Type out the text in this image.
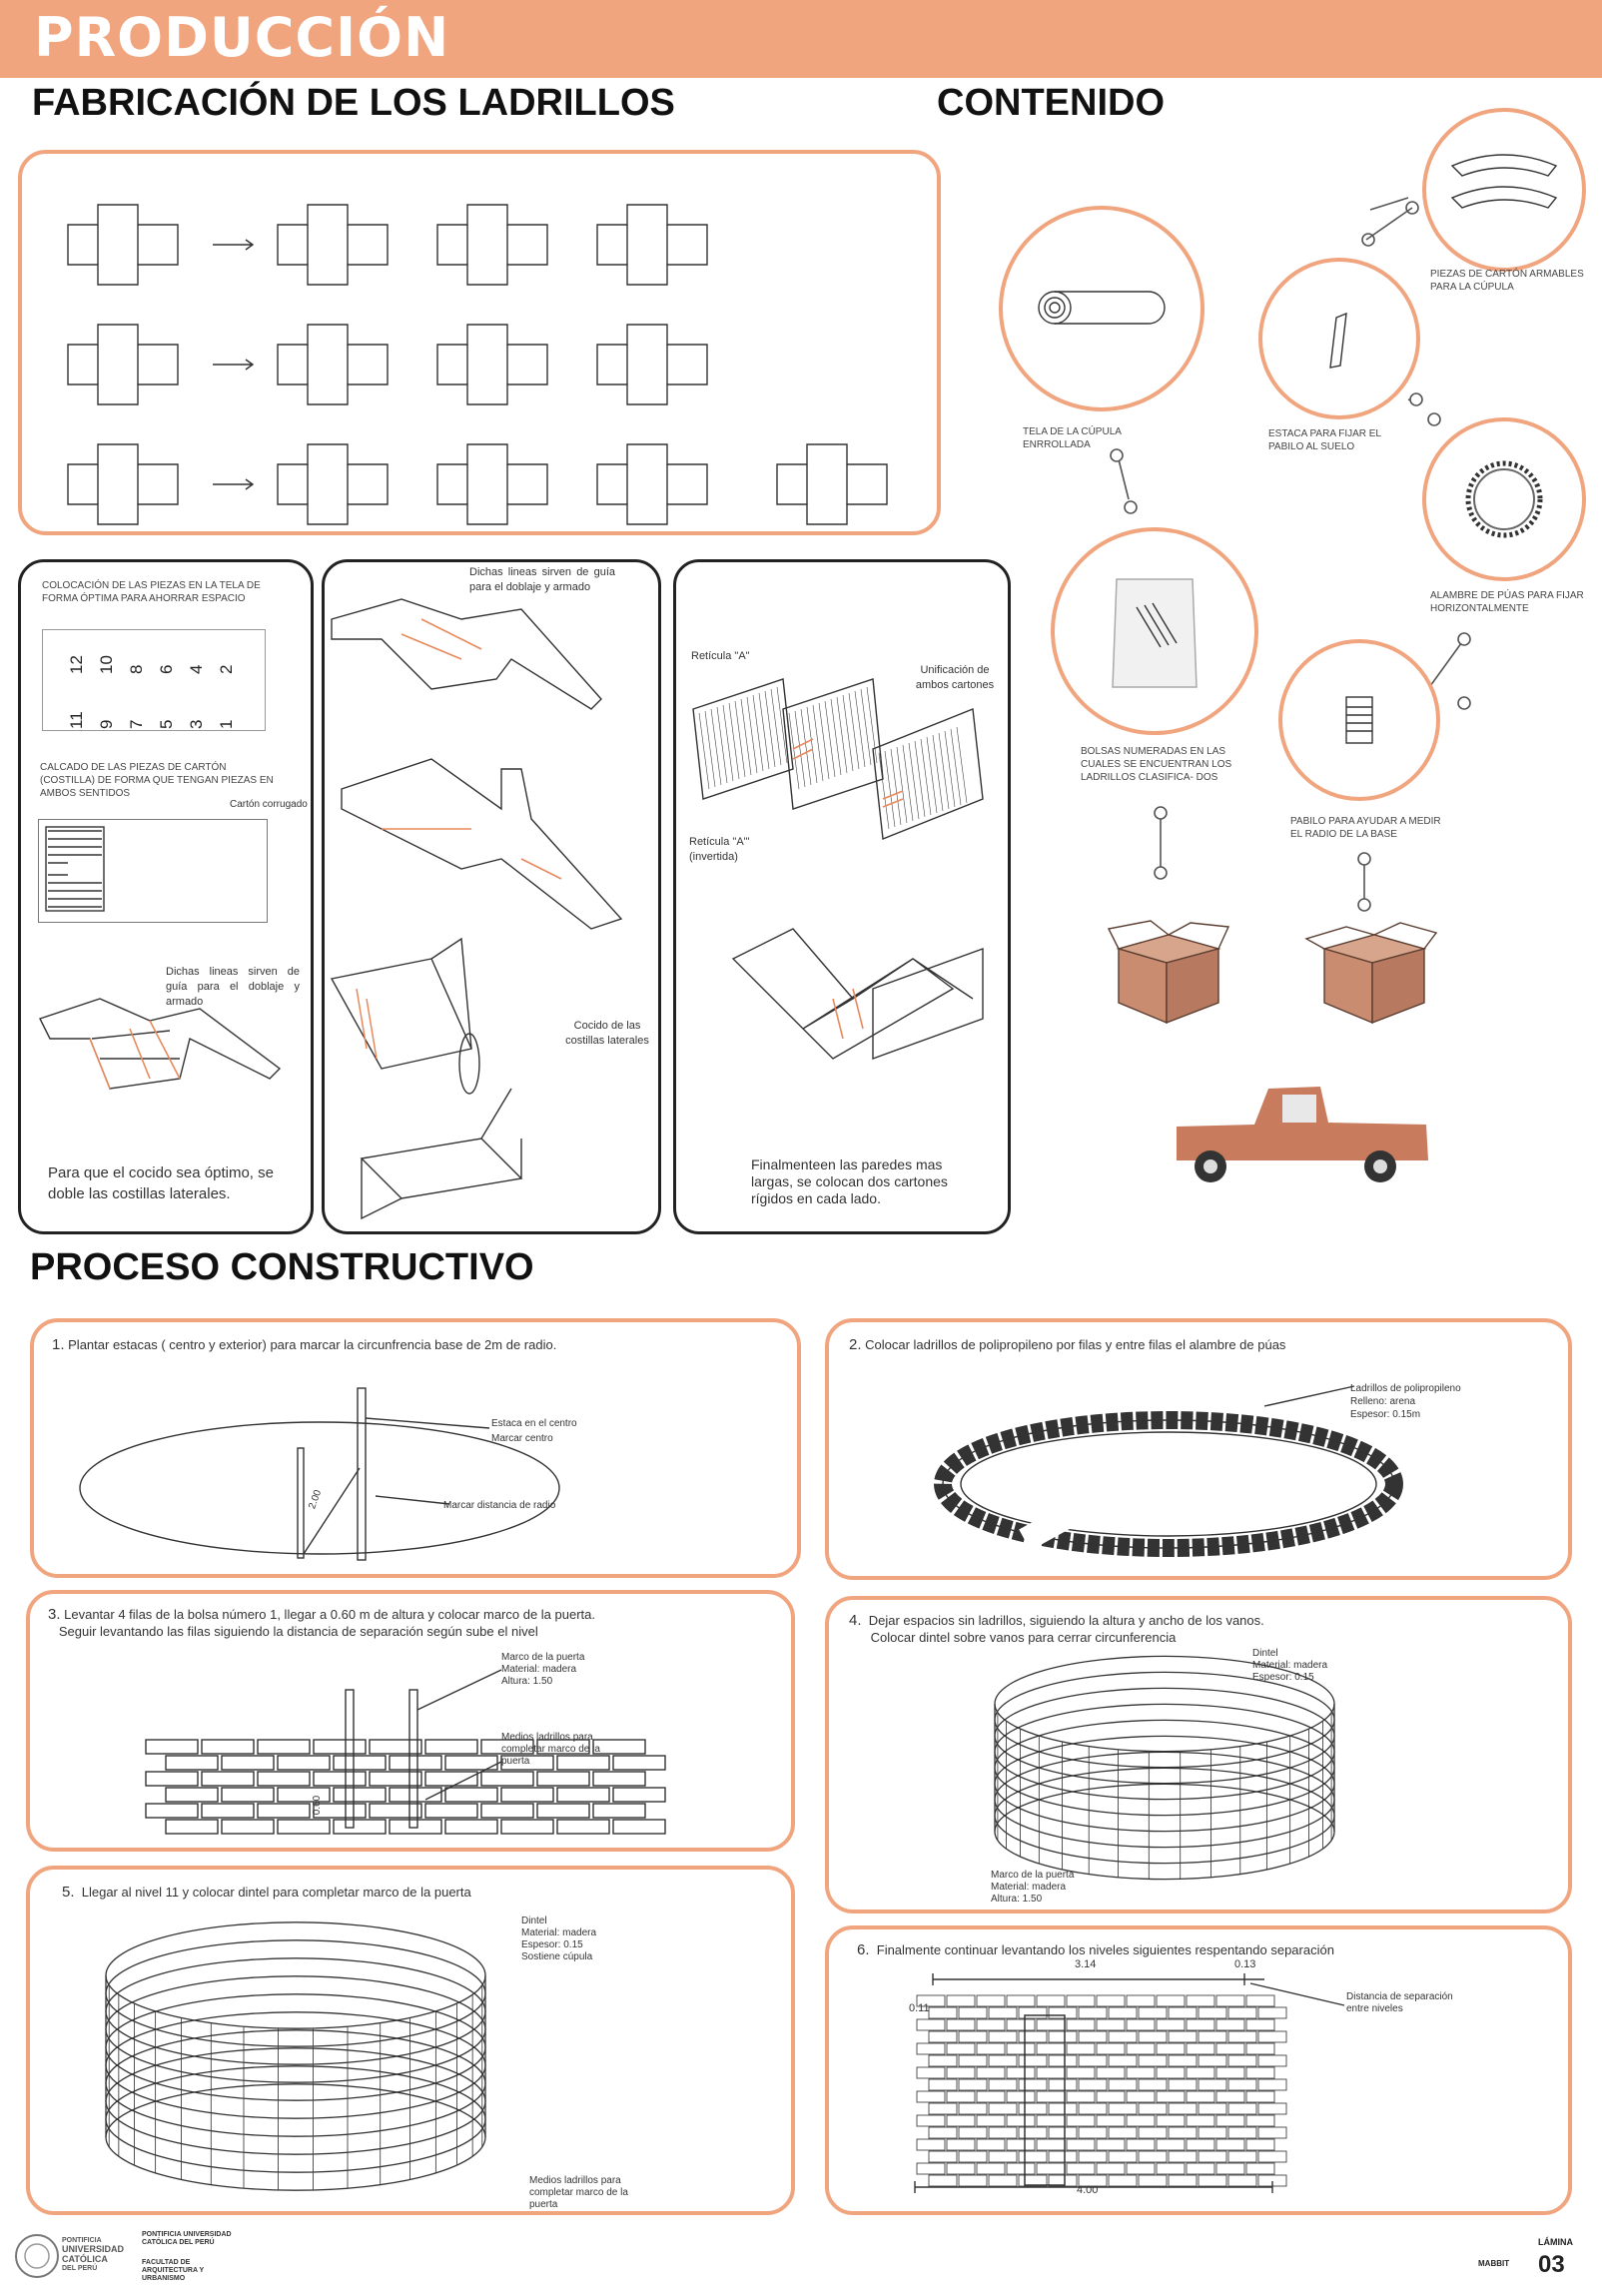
PRODUCCIÓN
FABRICACIÓN DE LOS LADRILLOS	CONTENIDO
COLOCACIÓN DE LAS PIEZAS EN LA TELA DE FORMA ÓPTIMA PARA AHORRAR ESPACIO
12 10 8 6 4 2
11 9 7 5 3 1
CALCADO DE LAS PIEZAS DE CARTÓN (COSTILLA) DE FORMA QUE TENGAN PIEZAS EN AMBOS SENTIDOS
Cartón corrugado
Dichas lineas sirven de guía para el doblaje y armado
Para que el cocido sea óptimo, se doble las costillas laterales.
Dichas lineas sirven de guía para el doblaje y armado
Cocido de las costillas laterales
Retícula "A"
Unificación de ambos cartones
Retícula "A"' (invertida)
Finalmenteen las paredes mas largas, se colocan dos cartones rígidos en cada lado.
PIEZAS DE CARTÓN ARMABLES PARA LA CÚPULA
TELA DE LA CÚPULA ENRROLLADA
ESTACA PARA FIJAR EL PABILO AL SUELO
ALAMBRE DE PÚAS PARA FIJAR HORIZONTALMENTE
BOLSAS NUMERADAS EN LAS CUALES SE ENCUENTRAN LOS LADRILLOS CLASIFICA- DOS
PABILO PARA AYUDAR A MEDIR EL RADIO DE LA BASE
PROCESO CONSTRUCTIVO
1. Plantar estacas ( centro y exterior) para marcar la circunfrencia base de 2m de radio.
Estaca en el centro
Marcar centro
Marcar distancia de radio
2.00
2. Colocar ladrillos de polipropileno por filas y entre filas el alambre de púas
Ladrillos de polipropileno
Relleno: arena
Espesor: 0.15m
3. Levantar 4 filas de la bolsa número 1, llegar a 0.60 m de altura y colocar marco de la puerta.
Seguir levantando las filas siguiendo la distancia de separación según sube el nivel
Marco de la puerta
Material: madera
Altura: 1.50
Medios ladrillos para completar marco de la puerta
0.60
4. Dejar espacios sin ladrillos, siguiendo la altura y ancho de los vanos.
Colocar dintel sobre vanos para cerrar circunferencia
Dintel
Material: madera
Espesor: 0.15
Marco de la puerta
Material: madera
Altura: 1.50
5. Llegar al nivel 11 y colocar dintel para completar marco de la puerta
Dintel
Material: madera
Espesor: 0.15
Sostiene cúpula
Medios ladrillos para completar marco de la puerta
6. Finalmente continuar levantando los niveles siguientes respentando separación
3.14	0.13
0.11
4.00
Distancia de separación entre niveles
PONTIFICIA
UNIVERSIDAD
CATÓLICA
DEL PERÚ
PONTIFICIA UNIVERSIDAD CATÓLICA DEL PERÚ
FACULTAD DE ARQUITECTURA Y URBANISMO
MABBIT
LÁMINA
03
